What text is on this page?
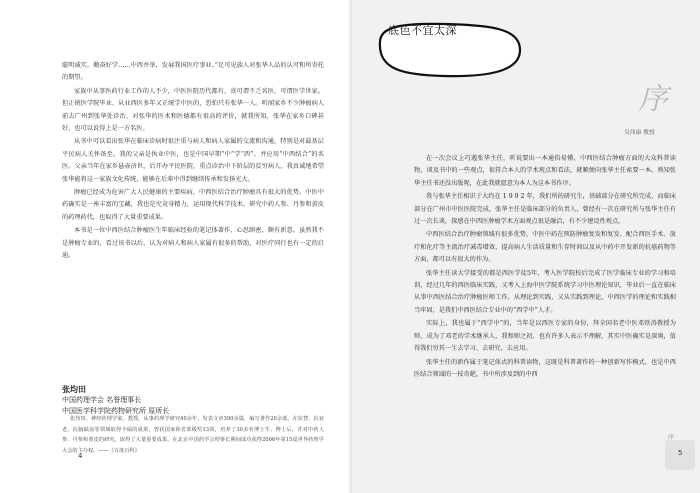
聪明诚实，勤奋好学……中西并举，发展我国医疗事业。”足可见族人对张华人品的认可和所寄托的期望。

家族中从事医药行业工作的人不少，中医医院历代都有，真可谓不乏名医，可谓医学世家。但正统医学院毕业、从业西医多年又正统学中医的，恐怕只有张华一人。听闻家乡不少肿瘤病人前去广州到张华处诊治，对张华的医术和医德都有很高的评价，就我所知，张华在家乡口碑甚好，也可以说得上是一方名医。

从书中可以看出张华在临床诊病时很注重与病人和病人家属的交流和沟通，特别是对最基层平民病人关怀备至。我的父亲是执业中医，也是中国早期“中”学“西”、并应用“中西结合”的名医。父亲当年在家乡悬壶济世，后开办平民医院，重点诊治中下阶层的贫穷病人。我真诚地希望张华能将这一家族文化传统，能够在后辈中得到继续传承和发扬光大。

肿瘤已经成为危害广大人民健康的主要疾病，中西医结合治疗肿瘤具有很大的优势。中医中药确实是一座丰富的宝藏，我也是究竟身精力，运用现代科学技术，研究中药人参、丹参和黄皮的药理药代，也取得了大量重要成果。

本书是一位中西医结合肿瘤医生年临床经验的笔记体著作，心思缜密，颇有新意。虽然我不是肿瘤专业的，看过该书以后，认为对病人和病人家属有很多的帮助，对医疗同行也有一定的启迪。

张均田
中国药理学会 名誉理事长
中国医学科学院药物研究所 原所长
张均田，神经药理学家。教授。从事药理学研究40余年，发表文章300余篇，编写著作20余部。在抗智、抗衰老、抗脑缺血等领域取得丰硕的成果，曾获国家和省部级奖13项，培养了30多名博士生、博士后，并对中药人参、丹参和黄皮的研究，取得了大量重要成果。在北京中国药学会理事长期间成功获得2006年第15届世界药理学大会的主办权。——《百度百科》
4
底色不宜太深
序
吴伟康 教授

在一次会议上巧遇张华主任，听说要出一本通俗易懂、中西医结合肿瘤方面的大众科普读物，谈及书中的一些观点，很符合本人的学术观点和看法，就顺便向张华主任索要一本。熟知张华主任书还没出版呢，在此我就愿意为本人为这本书作序。

我与张华主任相识于大约在 1 9 9 2 年，我们所的研究生，基础部分在研究所完成，而临床部分在广州市中医医院完成，张华主任是临床部分的负责人，曾经有一次在研究所与张华主任有过一次长谈，探感在中西医肿瘤学术方面观点很是融洽，有不少建设性观点。

中西医结合治疗肿瘤领域有很多优势，中医中药在预防肿瘤复发和复发、配合西医手术、放疗和化疗等主流治疗减毒增效、提高病人生活质量和生存时间以及从中药中开发新的抗癌药物等方面，都可以有很大的作为。

张华主任读大学接受的都是西医学徒5年，考入医学院校后完成了医学临床专业的学习和培训，经过几年的西医临床实践，又考入上海中医学院系统学习中医理论知识，毕业后一直在临床从事中西医结合治疗肿瘤医师工作，从理论到实践，又从实践到理论，中西医学的理论和实践相当牢固，是我们中西医结合专业中的“西学中”人才。

实际上，我也属于“西学中”的，当年是以西医专家的身份，拜全国名老中医邓铁涛教授为师，成为了邓老的学术继承人，我和师之初，也有许多人表示不理解，其实中医确实是深奥，值得我们穷其一生去学习、去研究、去应用。

张华主任的新作属于笔记体式的科普读物，这既是科普著作的一种创新写作模式，也是中西医结合领域的一枝奇葩，书中所涉及到的中西

序
5
